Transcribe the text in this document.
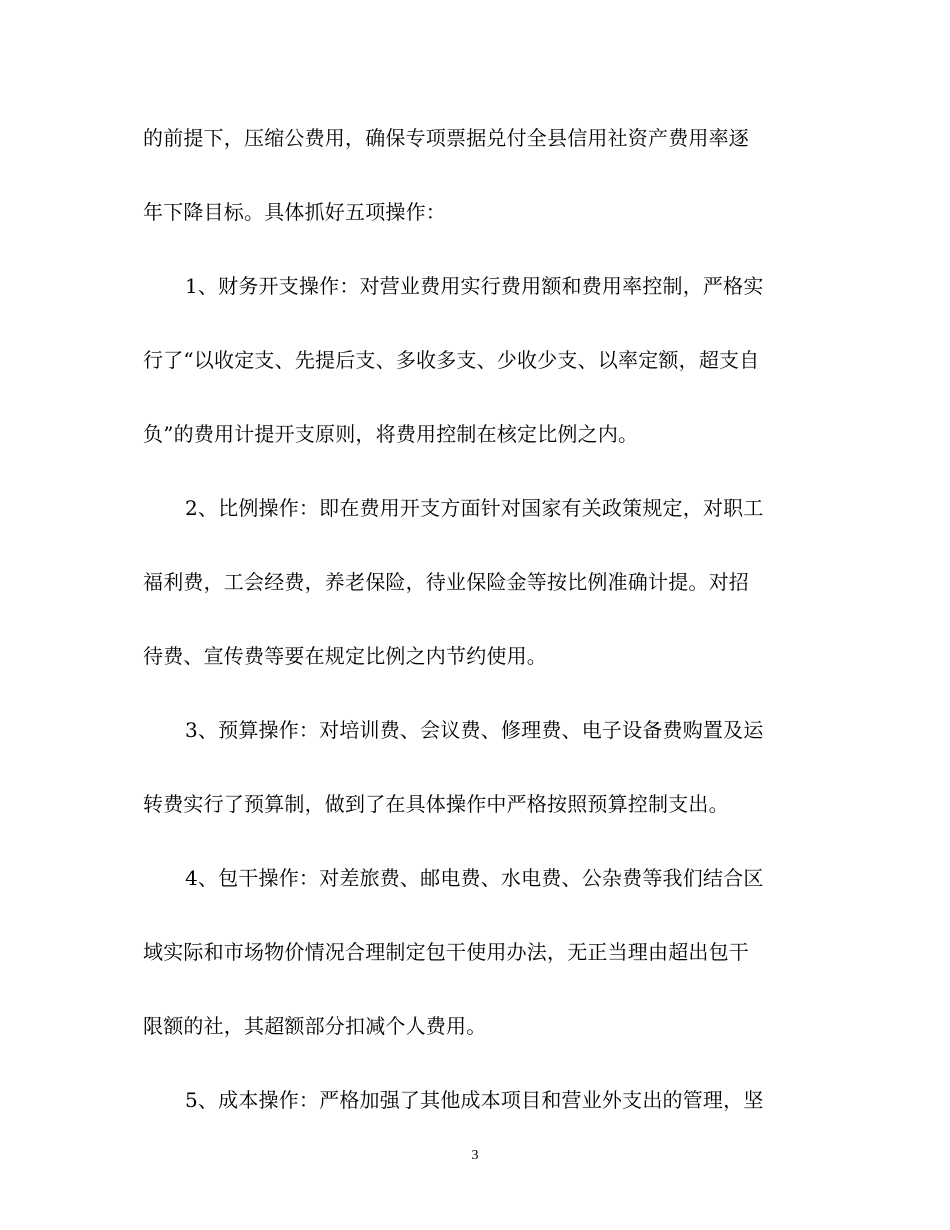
的前提下，压缩公费用，确保专项票据兑付全县信用社资产费用率逐
年下降目标。具体抓好五项操作：
1、财务开支操作：对营业费用实行费用额和费用率控制，严格实
行了“以收定支、先提后支、多收多支、少收少支、以率定额，超支自
负”的费用计提开支原则，将费用控制在核定比例之内。
2、比例操作：即在费用开支方面针对国家有关政策规定，对职工
福利费，工会经费，养老保险，待业保险金等按比例准确计提。对招
待费、宣传费等要在规定比例之内节约使用。
3、预算操作：对培训费、会议费、修理费、电子设备费购置及运
转费实行了预算制，做到了在具体操作中严格按照预算控制支出。
4、包干操作：对差旅费、邮电费、水电费、公杂费等我们结合区
域实际和市场物价情况合理制定包干使用办法，无正当理由超出包干
限额的社，其超额部分扣减个人费用。
5、成本操作：严格加强了其他成本项目和营业外支出的管理，坚
3
